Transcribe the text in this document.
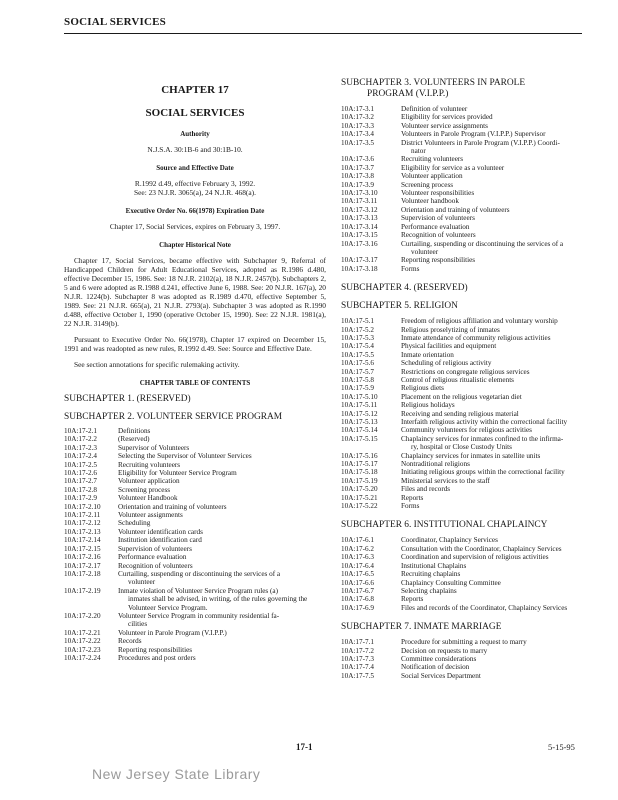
SOCIAL SERVICES
CHAPTER 17
SOCIAL SERVICES
Authority
N.J.S.A. 30:1B-6 and 30:1B-10.
Source and Effective Date
R.1992 d.49, effective February 3, 1992.
See: 23 N.J.R. 3065(a), 24 N.J.R. 468(a).
Executive Order No. 66(1978) Expiration Date
Chapter 17, Social Services, expires on February 3, 1997.
Chapter Historical Note

Chapter 17, Social Services, became effective with Subchapter 9, Referral of Handicapped Children for Adult Educational Services, adopted as R.1986 d.480, effective December 15, 1986. See: 18 N.J.R. 2102(a), 18 N.J.R. 2457(b). Subchapters 2, 5 and 6 were adopted as R.1988 d.241, effective June 6, 1988. See: 20 N.J.R. 167(a), 20 N.J.R. 1224(b). Subchapter 8 was adopted as R.1989 d.470, effective September 5, 1989. See: 21 N.J.R. 665(a), 21 N.J.R. 2793(a). Subchapter 3 was adopted as R.1990 d.488, effective October 1, 1990 (operative October 15, 1990). See: 22 N.J.R. 1981(a), 22 N.J.R. 3149(b).

Pursuant to Executive Order No. 66(1978), Chapter 17 expired on December 15, 1991 and was readopted as new rules, R.1992 d.49. See: Source and Effective Date.

See section annotations for specific rulemaking activity.

CHAPTER TABLE OF CONTENTS
SUBCHAPTER 1. (RESERVED)
SUBCHAPTER 2. VOLUNTEER SERVICE PROGRAM
10A:17-2.1	Definitions
10A:17-2.2	(Reserved)
10A:17-2.3	Supervisor of Volunteers
10A:17-2.4	Selecting the Supervisor of Volunteer Services
10A:17-2.5	Recruiting volunteers
10A:17-2.6	Eligibility for Volunteer Service Program
10A:17-2.7	Volunteer application
10A:17-2.8	Screening process
10A:17-2.9	Volunteer Handbook
10A:17-2.10	Orientation and training of volunteers
10A:17-2.11	Volunteer assignments
10A:17-2.12	Scheduling
10A:17-2.13	Volunteer identification cards
10A:17-2.14	Institution identification card
10A:17-2.15	Supervision of volunteers
10A:17-2.16	Performance evaluation
10A:17-2.17	Recognition of volunteers
10A:17-2.18	Curtailing, suspending or discontinuing the services of a
volunteer
10A:17-2.19	Inmate violation of Volunteer Service Program rules (a)
inmates shall be advised, in writing, of the rules governing the Volunteer Service Program.
10A:17-2.20	Volunteer Service Program in community residential fa-
cilities
10A:17-2.21	Volunteer in Parole Program (V.I.P.P.)
10A:17-2.22	Records
10A:17-2.23	Reporting responsibilities
10A:17-2.24	Procedures and post orders
SUBCHAPTER 3. VOLUNTEERS IN PAROLE
PROGRAM (V.I.P.P.)
10A:17-3.1	Definition of volunteer
10A:17-3.2	Eligibility for services provided
10A:17-3.3	Volunteer service assignments
10A:17-3.4	Volunteers in Parole Program (V.I.P.P.) Supervisor
10A:17-3.5	District Volunteers in Parole Program (V.I.P.P.) Coordi-
nator
10A:17-3.6	Recruiting volunteers
10A:17-3.7	Eligibility for service as a volunteer
10A:17-3.8	Volunteer application
10A:17-3.9	Screening process
10A:17-3.10	Volunteer responsibilities
10A:17-3.11	Volunteer handbook
10A:17-3.12	Orientation and training of volunteers
10A:17-3.13	Supervision of volunteers
10A:17-3.14	Performance evaluation
10A:17-3.15	Recognition of volunteers
10A:17-3.16	Curtailing, suspending or discontinuing the services of a
volunteer
10A:17-3.17	Reporting responsibilities
10A:17-3.18	Forms
SUBCHAPTER 4. (RESERVED)
SUBCHAPTER 5. RELIGION
10A:17-5.1	Freedom of religious affiliation and voluntary worship
10A:17-5.2	Religious proselytizing of inmates
10A:17-5.3	Inmate attendance of community religious activities
10A:17-5.4	Physical facilities and equipment
10A:17-5.5	Inmate orientation
10A:17-5.6	Scheduling of religious activity
10A:17-5.7	Restrictions on congregate religious services
10A:17-5.8	Control of religious ritualistic elements
10A:17-5.9	Religious diets
10A:17-5.10	Placement on the religious vegetarian diet
10A:17-5.11	Religious holidays
10A:17-5.12	Receiving and sending religious material
10A:17-5.13	Interfaith religious activity within the correctional facility
10A:17-5.14	Community volunteers for religious activities
10A:17-5.15	Chaplaincy services for inmates confined to the infirma-
ry, hospital or Close Custody Units
10A:17-5.16	Chaplaincy services for inmates in satellite units
10A:17-5.17	Nontraditional religions
10A:17-5.18	Initiating religious groups within the correctional facility
10A:17-5.19	Ministerial services to the staff
10A:17-5.20	Files and records
10A:17-5.21	Reports
10A:17-5.22	Forms
SUBCHAPTER 6. INSTITUTIONAL CHAPLAINCY
10A:17-6.1	Coordinator, Chaplaincy Services
10A:17-6.2	Consultation with the Coordinator, Chaplaincy Services
10A:17-6.3	Coordination and supervision of religious activities
10A:17-6.4	Institutional Chaplains
10A:17-6.5	Recruiting chaplains
10A:17-6.6	Chaplaincy Consulting Committee
10A:17-6.7	Selecting chaplains
10A:17-6.8	Reports
10A:17-6.9	Files and records of the Coordinator, Chaplaincy Services
SUBCHAPTER 7. INMATE MARRIAGE
10A:17-7.1	Procedure for submitting a request to marry
10A:17-7.2	Decision on requests to marry
10A:17-7.3	Committee considerations
10A:17-7.4	Notification of decision
10A:17-7.5	Social Services Department
17-1	5-15-95
New Jersey State Library
